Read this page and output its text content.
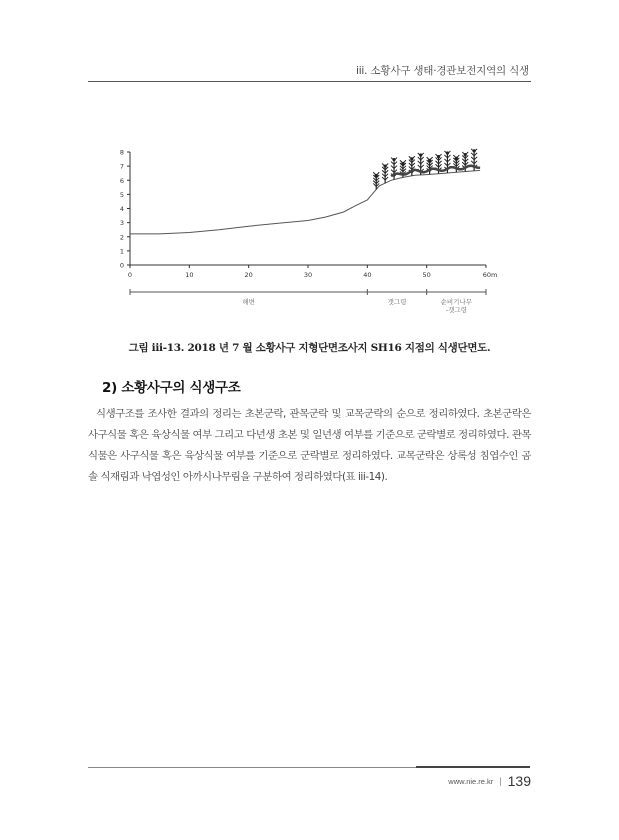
iii. 소황사구 생태·경관보전지역의 식생
0
1
2
3
4
5
6
7
8
0	10	20	30	40	50	60m
해변	갯그령	순비기나무
-갯그령
그림 iii-13. 2018 년 7 월 소황사구 지형단면조사지 SH16 지점의 식생단면도.
2) 소황사구의 식생구조
식생구조를 조사한 결과의 정리는 초본군락, 관목군락 및 교목군락의 순으로 정리하였다. 초본군락은 사구식물 혹은 육상식물 여부 그리고 다년생 초본 및 일년생 여부를 기준으로 군락별로 정리하였다. 관목식물은 사구식물 혹은 육상식물 여부를 기준으로 군락별로 정리하였다. 교목군락은 상록성 침엽수인 곰솔 식재림과 낙엽성인 아까시나무림을 구분하여 정리하였다(표 iii-14).
www.nie.re.kr | 139
